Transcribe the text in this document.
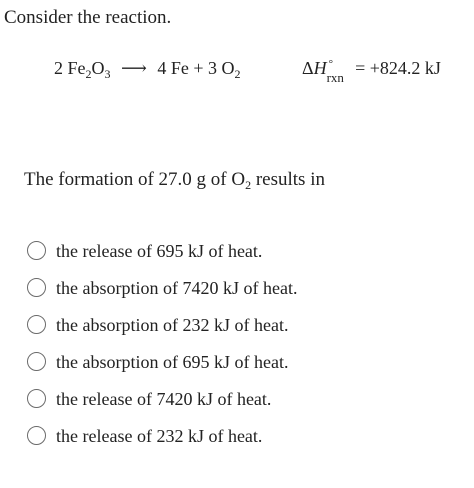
Consider the reaction.
2 $Fe_2O_3$ ⟶ 4 Fe + 3 $O_2$	ΔH °
rxn = +824.2 kJ
The formation of 27.0 g of $O_2$ results in
the release of 695 kJ of heat.
the absorption of 7420 kJ of heat.
the absorption of 232 kJ of heat.
the absorption of 695 kJ of heat.
the release of 7420 kJ of heat.
the release of 232 kJ of heat.
